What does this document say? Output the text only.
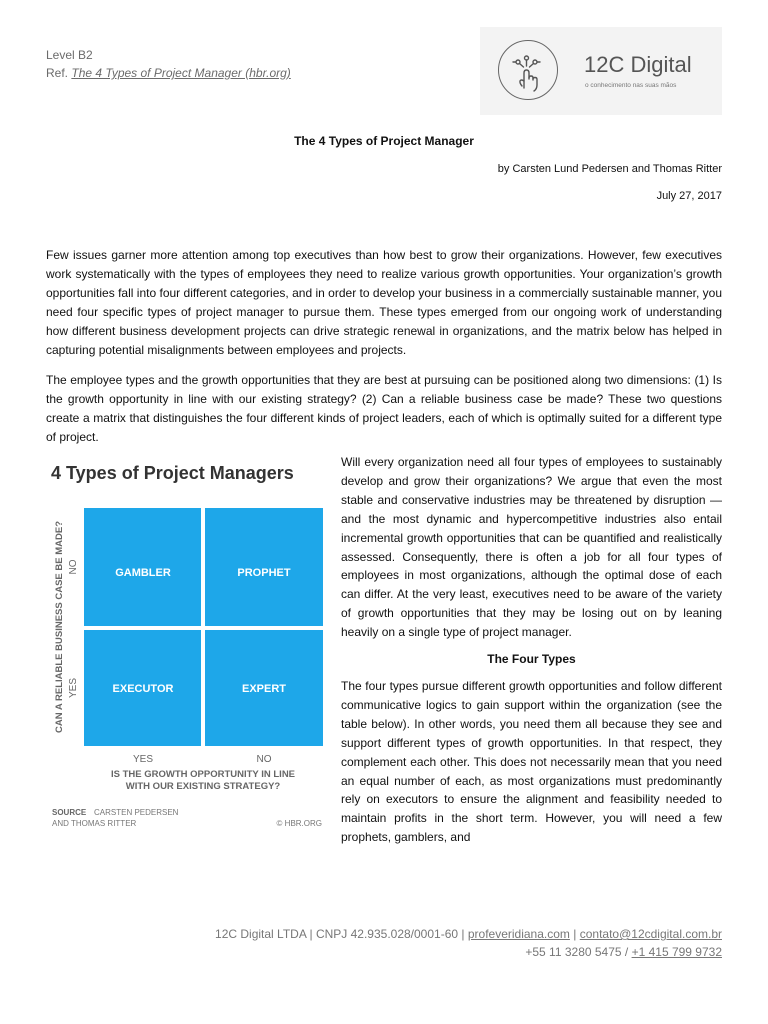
Level B2
Ref. The 4 Types of Project Manager (hbr.org)	12C Digital
o conhecimento nas suas mãos
The 4 Types of Project Manager
by Carsten Lund Pedersen and Thomas Ritter
July 27, 2017

Few issues garner more attention among top executives than how best to grow their organizations. However, few executives work systematically with the types of employees they need to realize various growth opportunities. Your organization’s growth opportunities fall into four different categories, and in order to develop your business in a commercially sustainable manner, you need four specific types of project manager to pursue them. These types emerged from our ongoing work of understanding how different business development projects can drive strategic renewal in organizations, and the matrix below has helped in capturing potential misalignments between employees and projects.

The employee types and the growth opportunities that they are best at pursuing can be positioned along two dimensions: (1) Is the growth opportunity in line with our existing strategy? (2) Can a reliable business case be made? These two questions create a matrix that distinguishes the four different kinds of project leaders, each of which is optimally suited for a different type of project.

4 Types of Project Managers
GAMBLER	PROPHET
EXECUTOR	EXPERT
CAN A RELIABLE BUSINESS CASE BE MADE? NO
YES
YES	NO
IS THE GROWTH OPPORTUNITY IN LINE
WITH OUR EXISTING STRATEGY?
SOURCE CARSTEN PEDERSEN
AND THOMAS RITTER	© HBR.ORG

Will every organization need all four types of employees to sustainably develop and grow their organizations? We argue that even the most stable and conservative industries may be threatened by disruption — and the most dynamic and hypercompetitive industries also entail incremental growth opportunities that can be quantified and realistically assessed. Consequently, there is often a job for all four types of employees in most organizations, although the optimal dose of each can differ. At the very least, executives need to be aware of the variety of growth opportunities that they may be losing out on by leaning heavily on a single type of project manager.

The Four Types

The four types pursue different growth opportunities and follow different communicative logics to gain support within the organization (see the table below). In other words, you need them all because they see and support different types of growth opportunities. In that respect, they complement each other. This does not necessarily mean that you need an equal number of each, as most organizations must predominantly rely on executors to ensure the alignment and feasibility needed to maintain profits in the short term. However, you will need a few prophets, gamblers, and

12C Digital LTDA | CNPJ 42.935.028/0001-60 | profeveridiana.com | contato@12cdigital.com.br
+55 11 3280 5475 / +1 415 799 9732
